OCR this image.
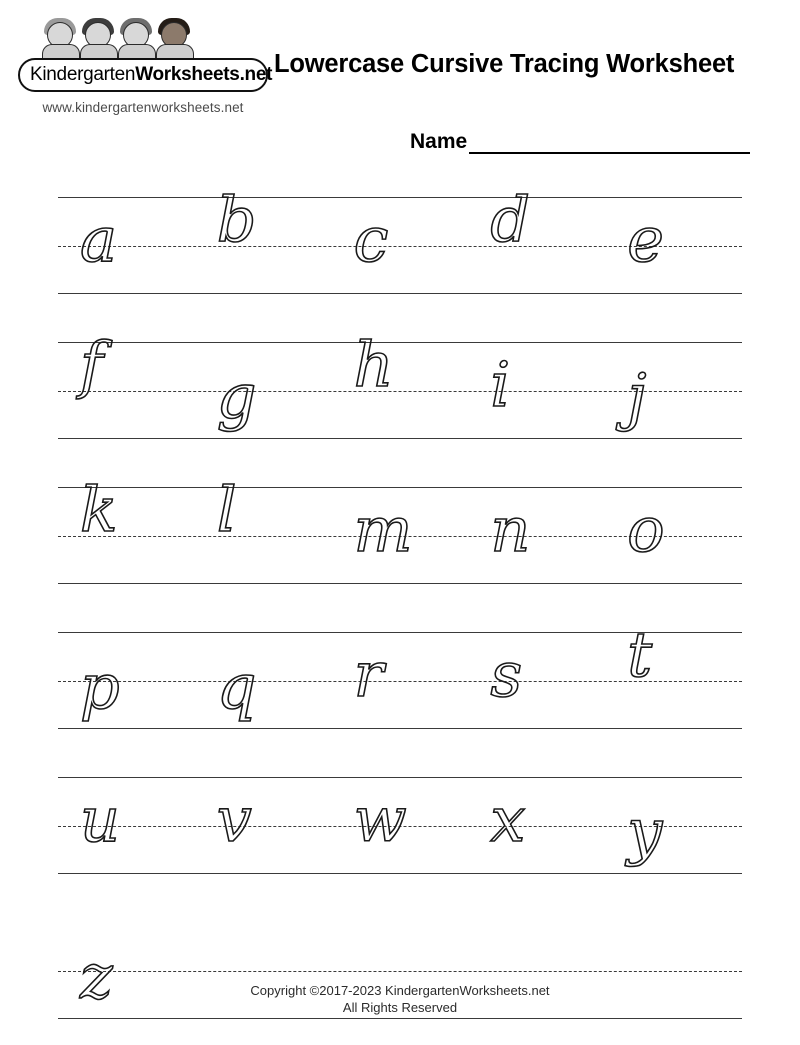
KindergartenWorksheets.net
www.kindergartenworksheets.net
Lowercase Cursive Tracing Worksheet
Name
a b c d e
f g h i j
k l m n o
p q r s t
u v w x y
z	Copyright ©2017-2023 KindergartenWorksheets.net
All Rights Reserved
